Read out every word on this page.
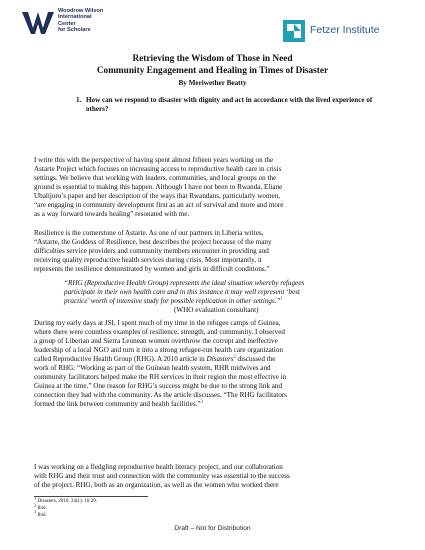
Woodrow Wilson
International
Center
for Scholars	Fetzer Institute
Retrieving the Wisdom of Those in Need
Community Engagement and Healing in Times of Disaster
By Meriwether Beatty
1. How can we respond to disaster with dignity and act in accordance with the lived experience of others?
I write this with the perspective of having spent almost fifteen years working on the
Astarte Project which focuses on increasing access to reproductive health care in crisis
settings. We believe that working with leaders, communities, and local groups on the
ground is essential to making this happen. Although I have not been to Rwanda, Eliane
Ubalijoro’s paper and her description of the ways that Rwandans, particularly women,
“are engaging in community development first as an act of survival and more and more
as a way forward towards healing” resonated with me.
Resilience is the cornerstone of Astarte. As one of our partners in Liberia writes,
“Astarte, the Goddess of Resilience, best describes the project because of the many
difficulties service providers and community members encounter in providing and
receiving quality reproductive health services during crisis. Most importantly, it
represents the resilience demonstrated by women and girls in difficult conditions.”
“RHG (Reproductive Health Group) represents the ideal situation whereby refugees
participate in their own health care and in this instance it may well represent ‘best
practice’ worth of intensive study for possible replication in other settings.”$^1$
(WHO evaluation consultant)
During my early days at JSI, I spent much of my time in the refugee camps of Guinea,
where there were countless examples of resilience, strength, and community. I observed
a group of Liberian and Sierra Leonean women overthrow the corrupt and ineffective
leadership of a local NGO and turn it into a strong refugee-run health care organization
called Reproductive Health Group (RHG). A 2010 article in Disasters$^2$ discussed the
work of RHG: “Working as part of the Guinean health system, RHR midwives and
community facilitators helped make the RH services in their region the most effective in
Guinea at the time.” One reason for RHG’s success might be due to the strong link and
connection they had with the community. As the article discusses, “The RHG facilitators
formed the link between community and health facilities.”$^3$
I was working on a fledgling reproductive health literacy project, and our collaboration
with RHG and their trust and connection with the community was essential to the success
of the project. RHG, both as an organization, as well as the women who worked there
$^1$ Disasters, 2010, 34(1): 16:29.
$^2$ Ibid.
$^3$ Ibid.
Draft – Not for Distribution
